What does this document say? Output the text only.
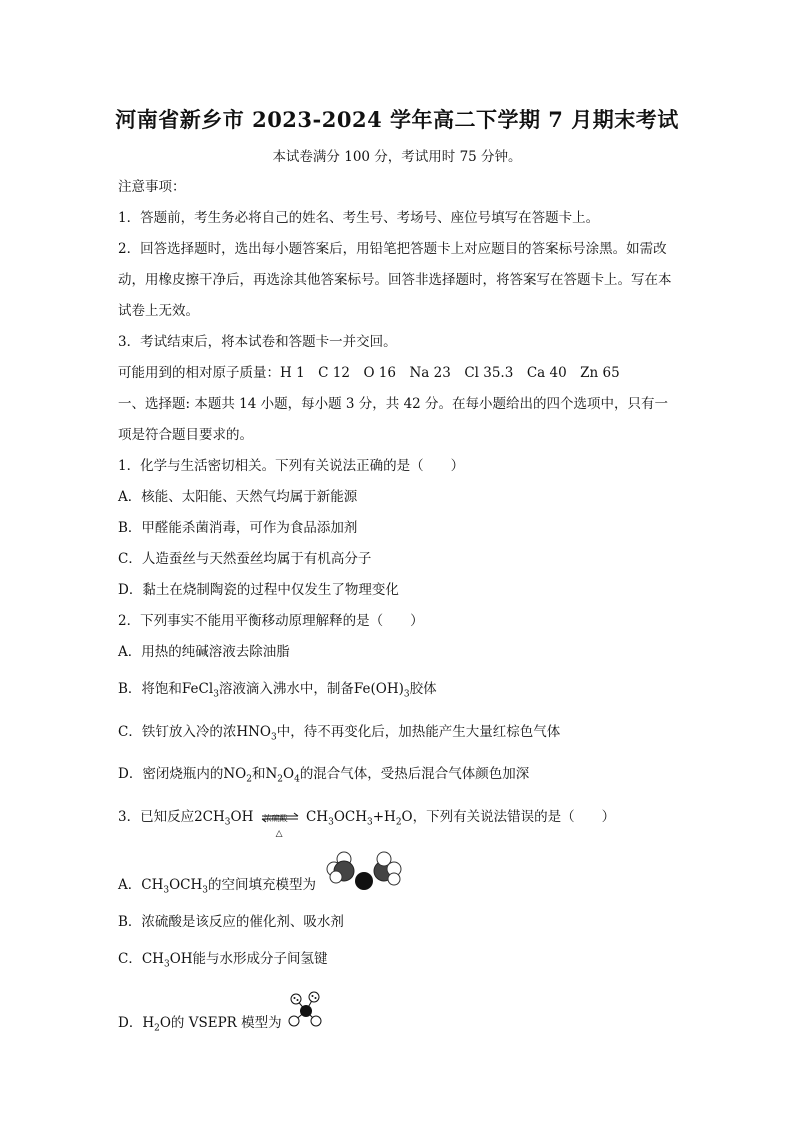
河南省新乡市 2023-2024 学年高二下学期 7 月期末考试
本试卷满分 100 分，考试用时 75 分钟。

注意事项：

1．答题前，考生务必将自己的姓名、考生号、考场号、座位号填写在答题卡上。

2．回答选择题时，选出每小题答案后，用铅笔把答题卡上对应题目的答案标号涂黑。如需改动，用橡皮擦干净后，再选涂其他答案标号。回答非选择题时，将答案写在答题卡上。写在本试卷上无效。

3．考试结束后，将本试卷和答题卡一并交回。

可能用到的相对原子质量：H 1　C 12　O 16　Na 23　Cl 35.3　Ca 40　Zn 65

一、选择题: 本题共 14 小题，每小题 3 分，共 42 分。在每小题给出的四个选项中，只有一项是符合题目要求的。

1．化学与生活密切相关。下列有关说法正确的是（　　）

A．核能、太阳能、天然气均属于新能源

B．甲醛能杀菌消毒，可作为食品添加剂

C．人造蚕丝与天然蚕丝均属于有机高分子

D．黏土在烧制陶瓷的过程中仅发生了物理变化

2．下列事实不能用平衡移动原理解释的是（　　）

A．用热的纯碱溶液去除油脂

B．将饱和FeCl$_3$溶液滴入沸水中，制备$Fe(OH)_3$胶体

C．铁钉放入冷的浓$HNO_3$中，待不再变化后，加热能产生大量红棕色气体

D．密闭烧瓶内的$NO_2$和$N_2O_4$的混合气体，受热后混合气体颜色加深

3．已知反应$2CH_3OH$ 浓硫酸
△
$CH_3OCH_3+H_2O$，下列有关说法错误的是（　　）

A．$CH_3OCH_3$的空间填充模型为

B．浓硫酸是该反应的催化剂、吸水剂

C．$CH_3OH$能与水形成分子间氢键

D．$H_2O$的 VSEPR 模型为
